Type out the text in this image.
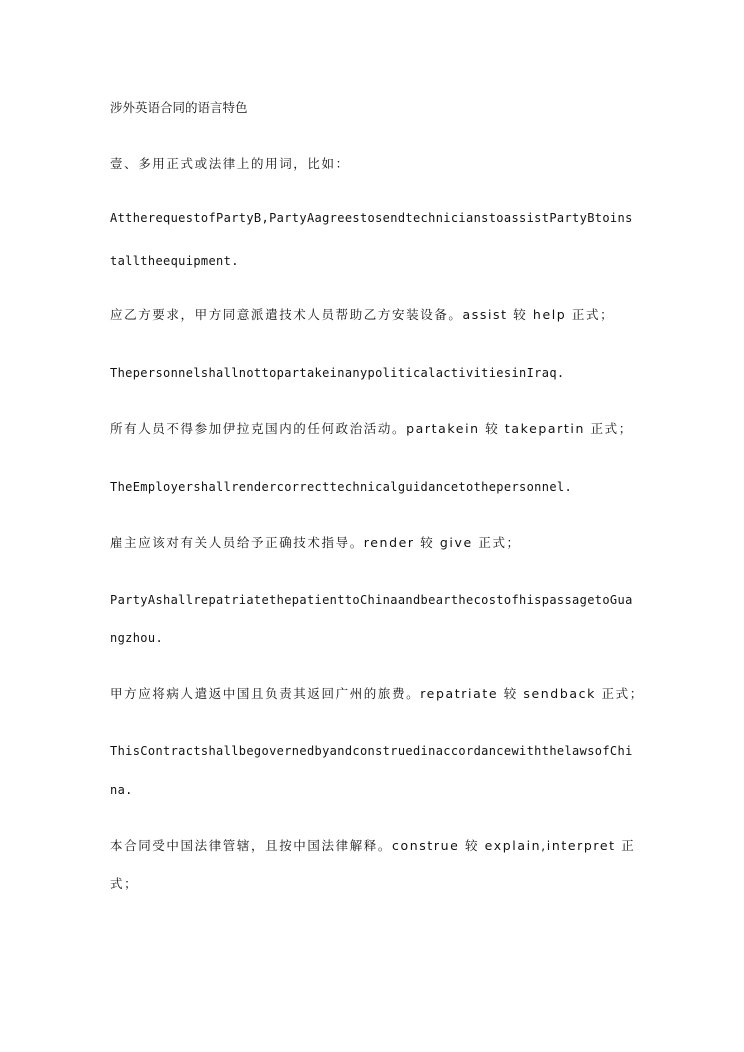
涉外英语合同的语言特色
壹、多用正式或法律上的用词，比如：
AttherequestofPartyB,PartyAagreestosendtechnicianstoassistPartyBtoins
talltheequipment.
应乙方要求，甲方同意派遣技术人员帮助乙方安装设备。assist 较 help 正式；
ThepersonnelshallnottopartakeinanypoliticalactivitiesinIraq.
所有人员不得参加伊拉克国内的任何政治活动。partakein 较 takepartin 正式；
TheEmployershallrendercorrecttechnicalguidancetothepersonnel.
雇主应该对有关人员给予正确技术指导。render 较 give 正式；
PartyAshallrepatriatethepatienttoChinaandbearthecostofhispassagetoGua
ngzhou.
甲方应将病人遣返中国且负责其返回广州的旅费。repatriate 较 sendback 正式；
ThisContractshallbegovernedbyandconstruedinaccordancewiththelawsofChi
na.
本合同受中国法律管辖，且按中国法律解释。construe 较 explain,interpret 正
式；
